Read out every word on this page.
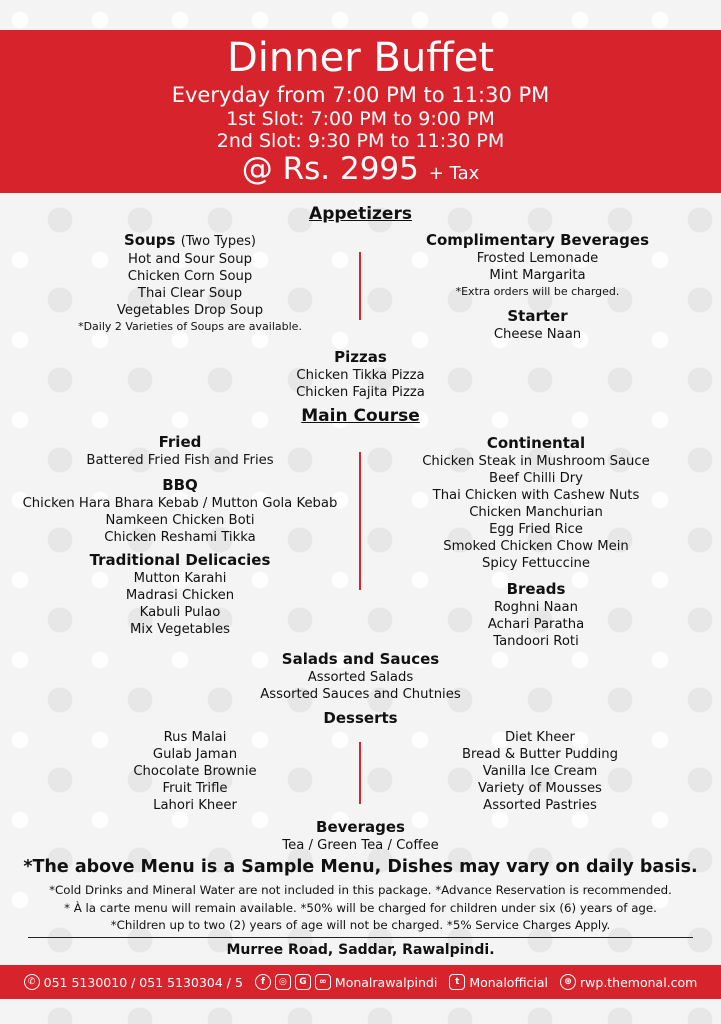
Dinner Buffet
Everyday from 7:00 PM to 11:30 PM
1st Slot: 7:00 PM to 9:00 PM
2nd Slot: 9:30 PM to 11:30 PM
@ Rs. 2995 + Tax
Appetizers
Soups (Two Types)
Hot and Sour Soup
Chicken Corn Soup
Thai Clear Soup
Vegetables Drop Soup
*Daily 2 Varieties of Soups are available.
Complimentary Beverages
Frosted Lemonade
Mint Margarita
*Extra orders will be charged.
Starter
Cheese Naan
Pizzas
Chicken Tikka Pizza
Chicken Fajita Pizza
Main Course
Fried
Battered Fried Fish and Fries
BBQ
Chicken Hara Bhara Kebab / Mutton Gola Kebab
Namkeen Chicken Boti
Chicken Reshami Tikka
Traditional Delicacies
Mutton Karahi
Madrasi Chicken
Kabuli Pulao
Mix Vegetables
Continental
Chicken Steak in Mushroom Sauce
Beef Chilli Dry
Thai Chicken with Cashew Nuts
Chicken Manchurian
Egg Fried Rice
Smoked Chicken Chow Mein
Spicy Fettuccine
Breads
Roghni Naan
Achari Paratha
Tandoori Roti
Salads and Sauces
Assorted Salads
Assorted Sauces and Chutnies
Desserts
Rus Malai
Gulab Jaman
Chocolate Brownie
Fruit Trifle
Lahori Kheer
Diet Kheer
Bread & Butter Pudding
Vanilla Ice Cream
Variety of Mousses
Assorted Pastries
Beverages
Tea / Green Tea / Coffee
*The above Menu is a Sample Menu, Dishes may vary on daily basis.
*Cold Drinks and Mineral Water are not included in this package. *Advance Reservation is recommended.
* À la carte menu will remain available. *50% will be charged for children under six (6) years of age.
*Children up to two (2) years of age will not be charged. *5% Service Charges Apply.
Murree Road, Saddar, Rawalpindi.
✆ 051 5130010 / 051 5130304 / 5	f	◎	G	∞ Monalrawalpindi	t Monalofficial	⊕ rwp.themonal.com
